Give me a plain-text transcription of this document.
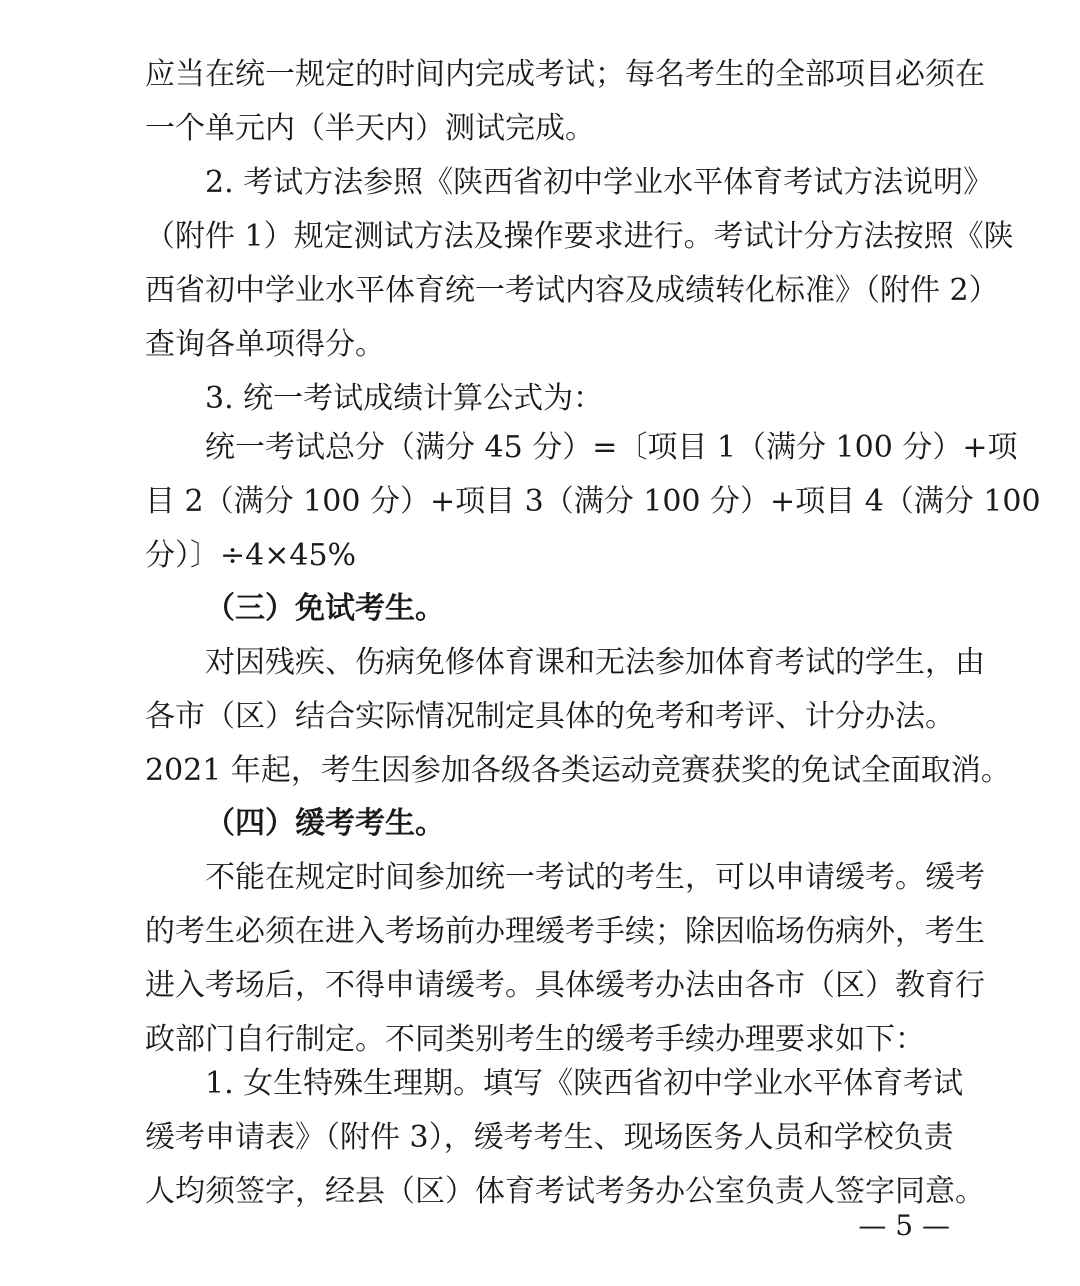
应当在统一规定的时间内完成考试；每名考生的全部项目必须在
一个单元内（半天内）测试完成。
2. 考试方法参照《陕西省初中学业水平体育考试方法说明》
（附件 1）规定测试方法及操作要求进行。考试计分方法按照《陕
西省初中学业水平体育统一考试内容及成绩转化标准》（附件 2）
查询各单项得分。
3. 统一考试成绩计算公式为：
统一考试总分（满分 45 分）=〔项目 1（满分 100 分）+项
目 2（满分 100 分）+项目 3（满分 100 分）+项目 4（满分 100
分）〕÷4×45%
（三）免试考生。
对因残疾、伤病免修体育课和无法参加体育考试的学生，由
各市（区）结合实际情况制定具体的免考和考评、计分办法。
2021 年起，考生因参加各级各类运动竞赛获奖的免试全面取消。
（四）缓考考生。
不能在规定时间参加统一考试的考生，可以申请缓考。缓考
的考生必须在进入考场前办理缓考手续；除因临场伤病外，考生
进入考场后，不得申请缓考。具体缓考办法由各市（区）教育行
政部门自行制定。不同类别考生的缓考手续办理要求如下：
1. 女生特殊生理期。填写《陕西省初中学业水平体育考试
缓考申请表》（附件 3），缓考考生、现场医务人员和学校负责
人均须签字，经县（区）体育考试考务办公室负责人签字同意。
— 5 —
